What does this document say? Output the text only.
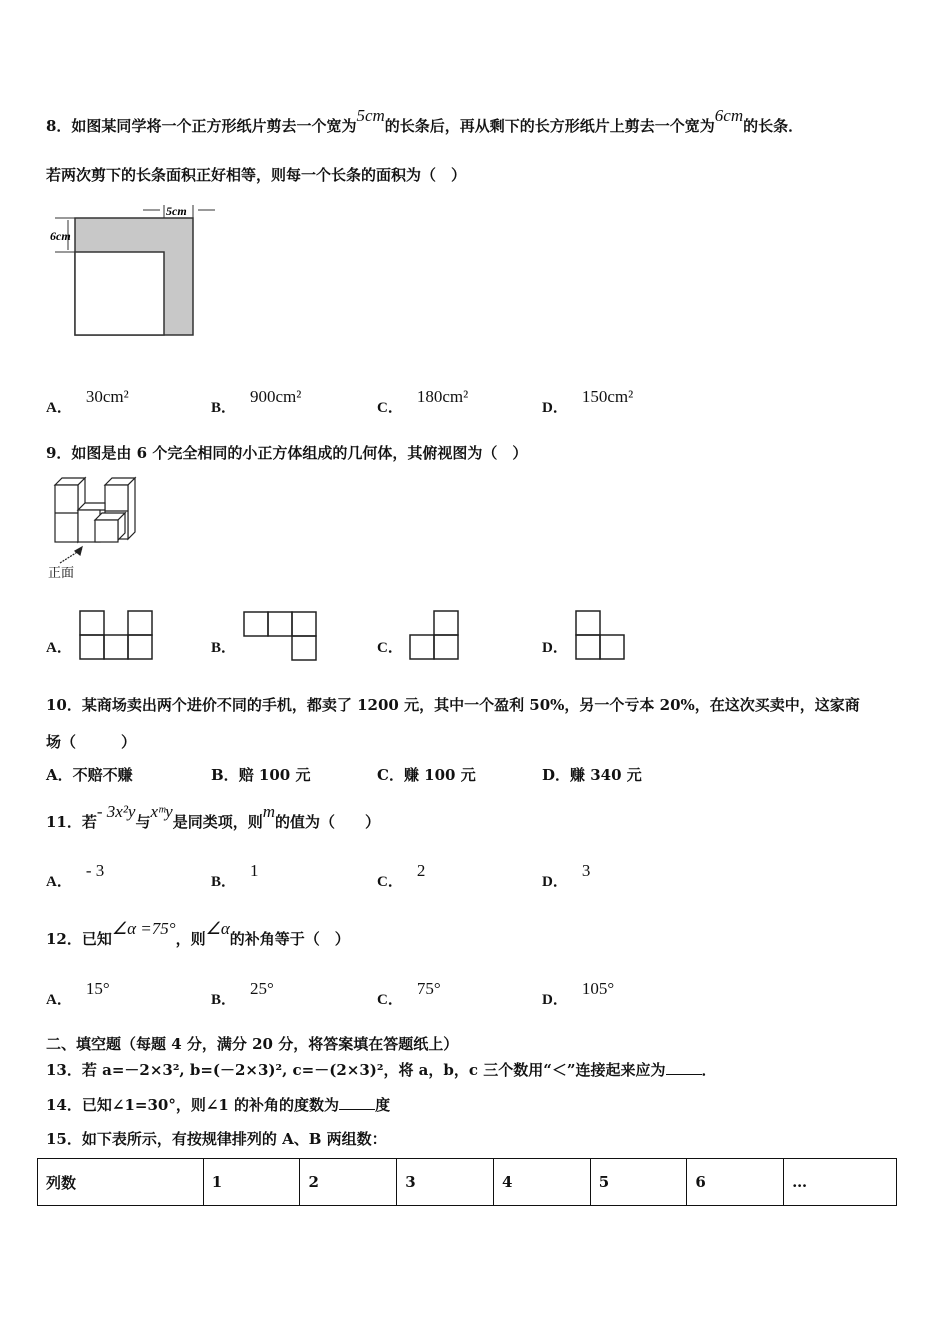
8．如图某同学将一个正方形纸片剪去一个宽为5cm的长条后，再从剩下的长方形纸片上剪去一个宽为6cm的长条．
若两次剪下的长条面积正好相等，则每一个长条的面积为（　）
5cm
6cm
A．30cm²
B．900cm²
C．180cm²
D．150cm²
9．如图是由 6 个完全相同的小正方体组成的几何体，其俯视图为（　）
正面
A．	B．	C．	D．
10．某商场卖出两个进价不同的手机，都卖了 1200 元，其中一个盈利 50%，另一个亏本 20%，在这次买卖中，这家商
场（　　　）
A．不赔不赚	B．赔 100 元	C．赚 100 元	D．赚 340 元
11．若- 3x²y与xᵐy是同类项，则m的值为（　　）
A．- 3
B．1
C．2
D．3
12．已知∠α =75°，则∠α的补角等于（　）
A．15°
B．25°
C．75°
D．105°
二、填空题（每题 4 分，满分 20 分，将答案填在答题纸上）
13．若 a=－2×3², b=(－2×3)², c=－(2×3)²，将 a，b，c 三个数用“＜”连接起来应为 ．
14．已知∠1=30°，则∠1 的补角的度数为 度
15．如下表所示，有按规律排列的 A、B 两组数：
列数	1	2	3	4	5	6	…
